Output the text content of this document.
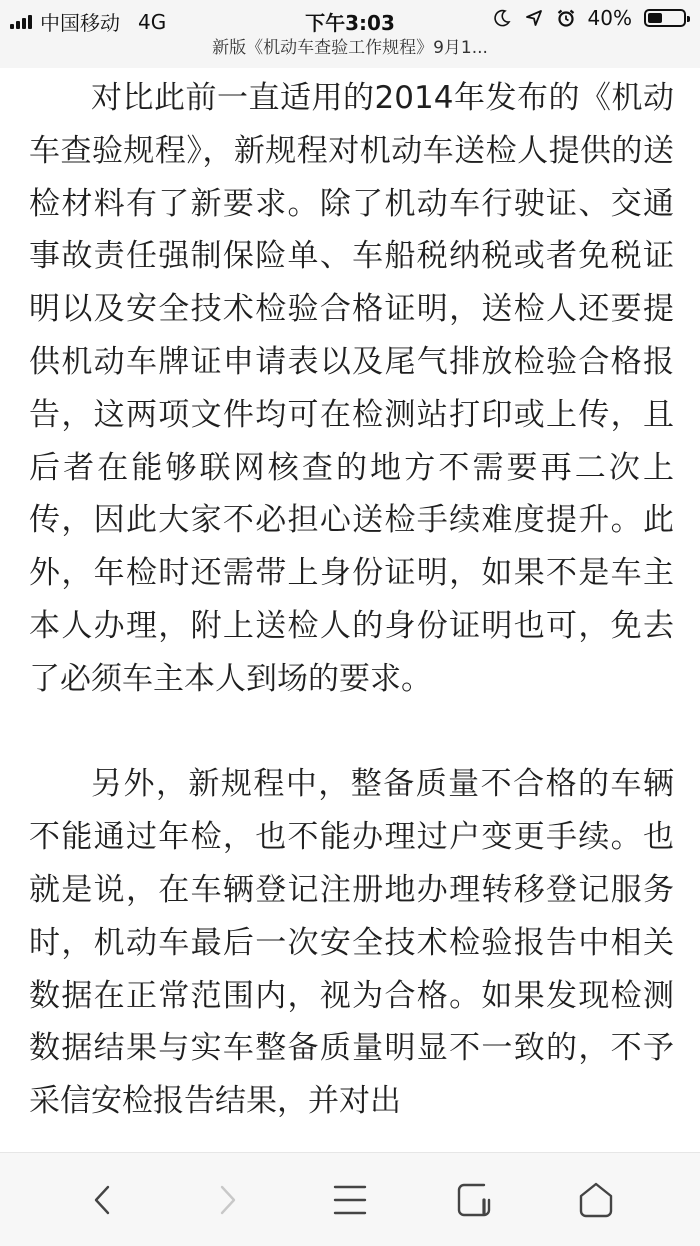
中国移动 4G	下午3:03	40%
新版《机动车查验工作规程》9月1...

对比此前一直适用的2014年发布的《机动车查验规程》，新规程对机动车送检人提供的送检材料有了新要求。除了机动车行驶证、交通事故责任强制保险单、车船税纳税或者免税证明以及安全技术检验合格证明，送检人还要提供机动车牌证申请表以及尾气排放检验合格报告，这两项文件均可在检测站打印或上传，且后者在能够联网核查的地方不需要再二次上传，因此大家不必担心送检手续难度提升。此外，年检时还需带上身份证明，如果不是车主本人办理，附上送检人的身份证明也可，免去了必须车主本人到场的要求。

另外，新规程中，整备质量不合格的车辆不能通过年检，也不能办理过户变更手续。也就是说，在车辆登记注册地办理转移登记服务时，机动车最后一次安全技术检验报告中相关数据在正常范围内，视为合格。如果发现检测数据结果与实车整备质量明显不一致的，不予采信安检报告结果，并对出
